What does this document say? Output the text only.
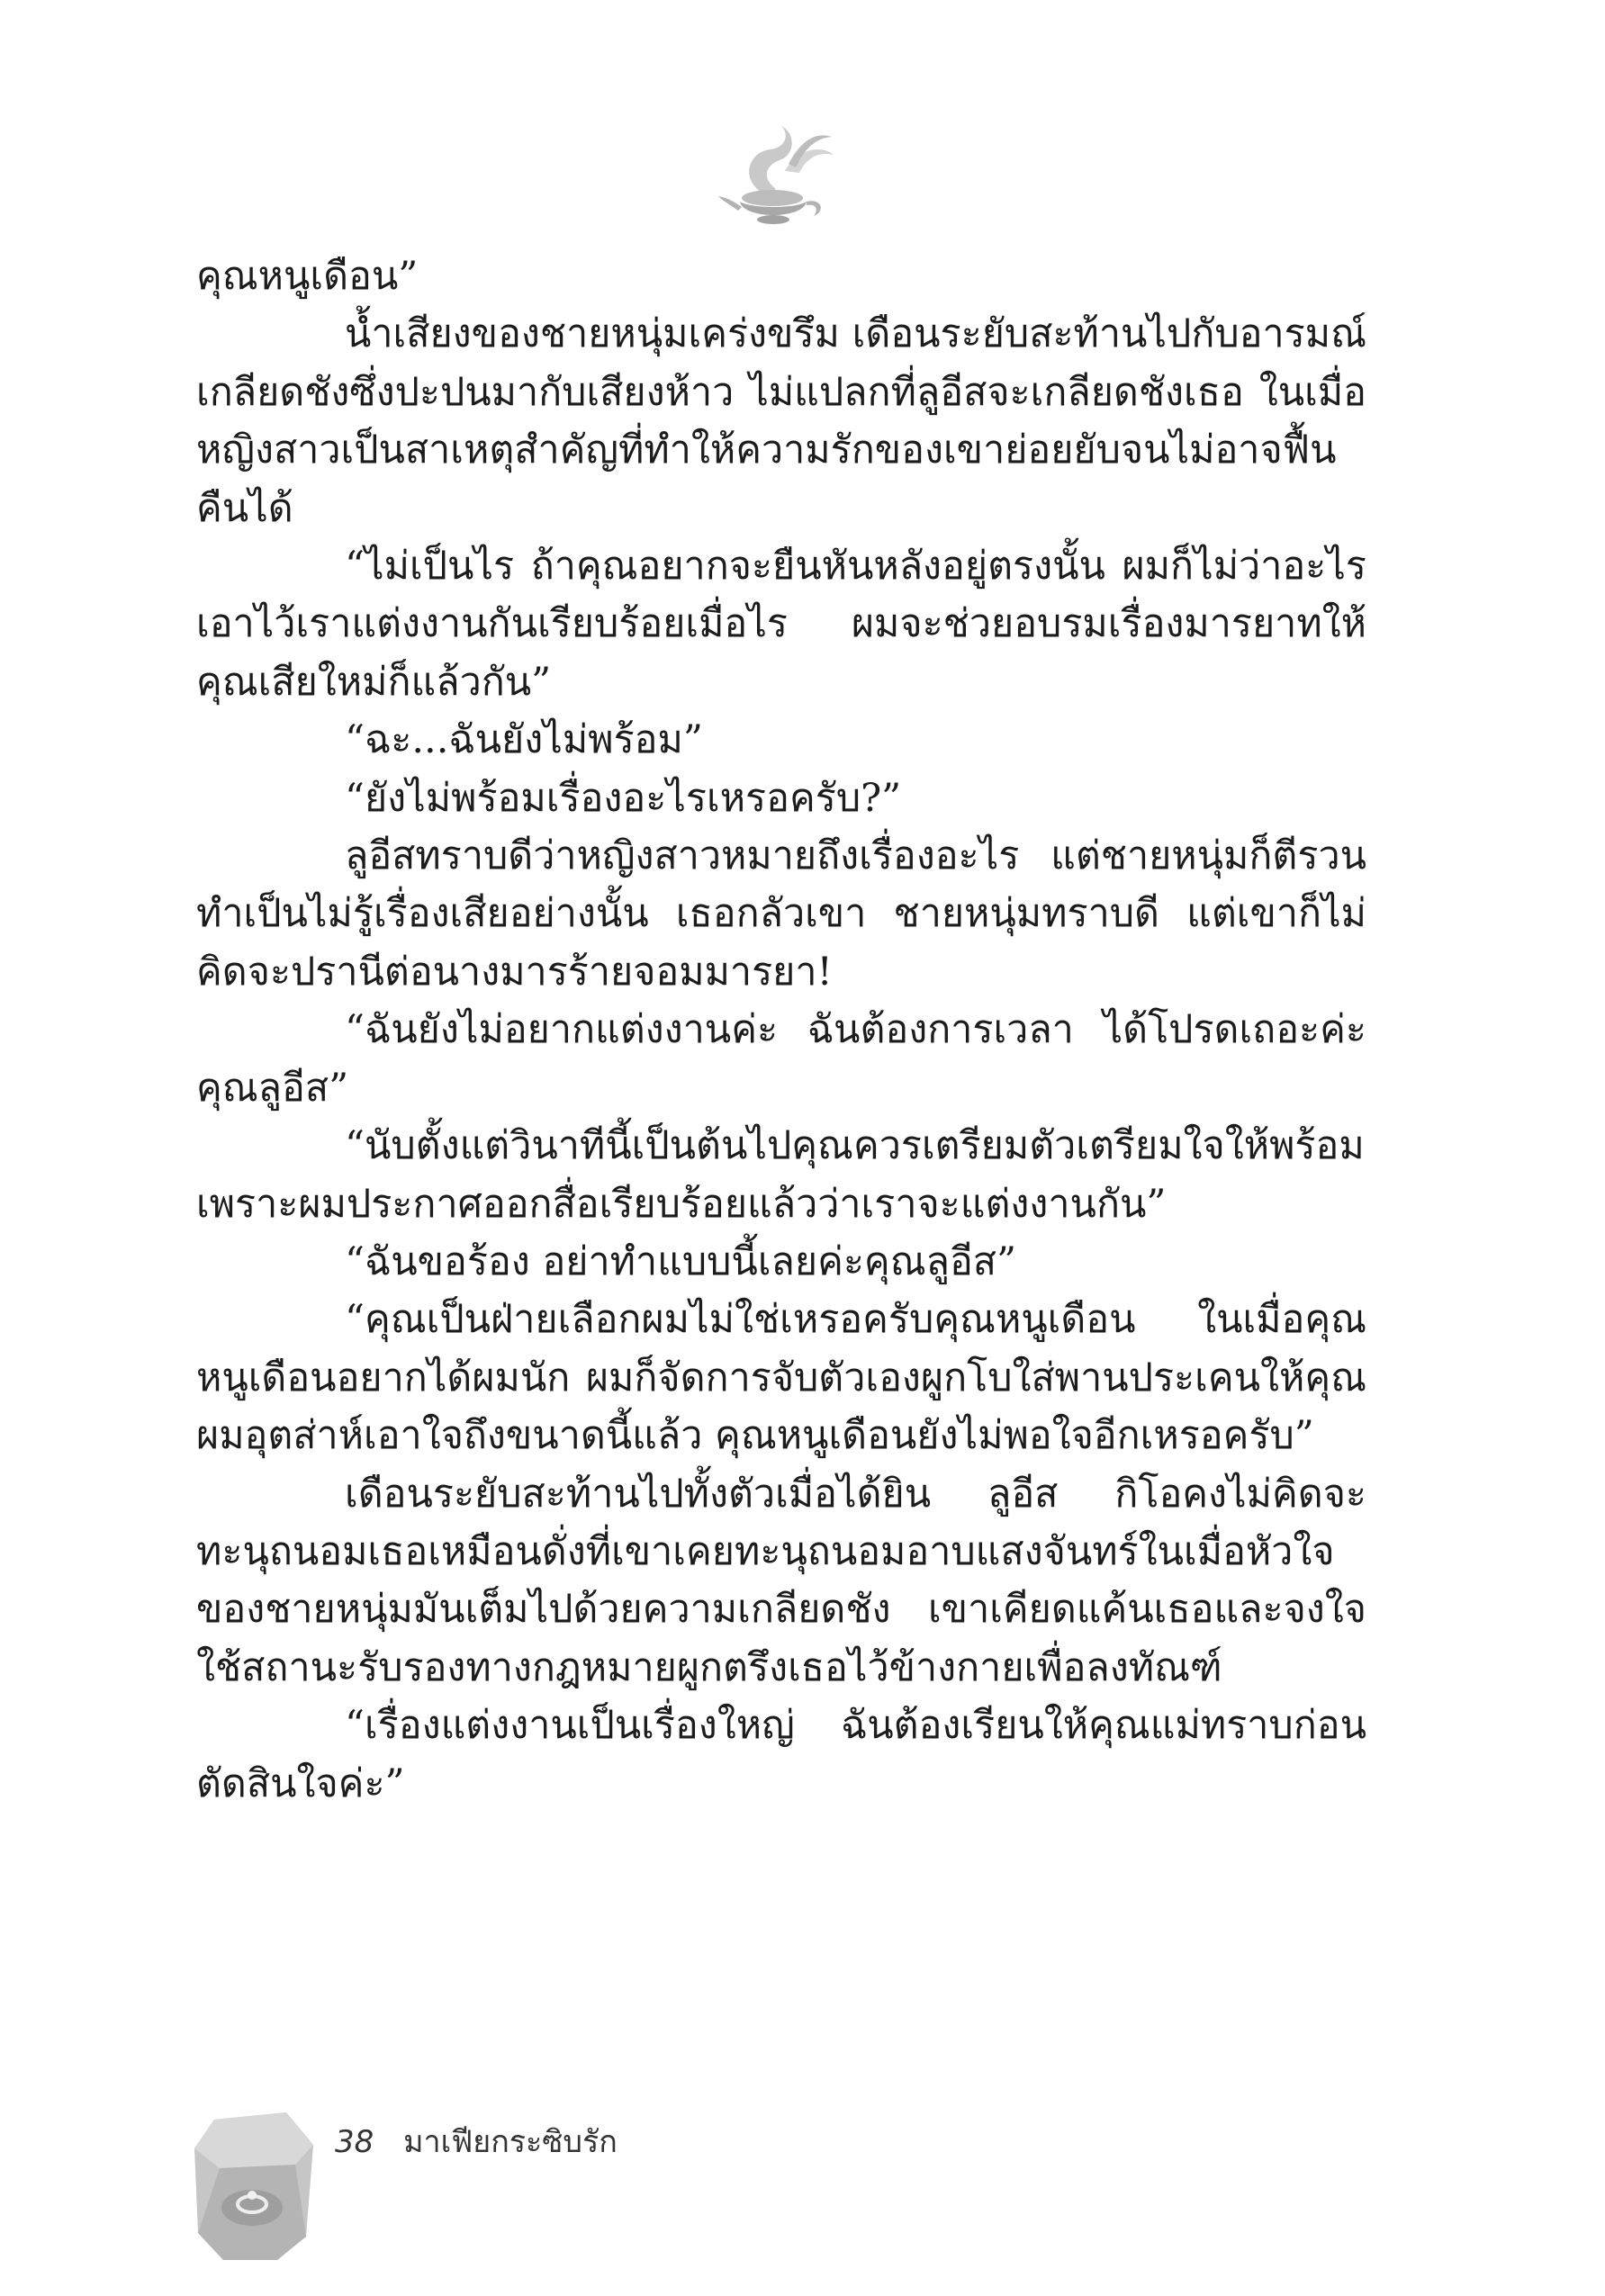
คุณหนูเดือน”

น้ำเสียงของชายหนุ่มเคร่งขรึม เดือนระยับสะท้านไปกับอารมณ์เกลียดชังซึ่งปะปนมากับเสียงห้าว ไม่แปลกที่ลูอีสจะเกลียดชังเธอ ในเมื่อหญิงสาวเป็นสาเหตุสำคัญที่ทำให้ความรักของเขาย่อยยับจนไม่อาจฟื้นคืนได้

“ไม่เป็นไร ถ้าคุณอยากจะยืนหันหลังอยู่ตรงนั้น ผมก็ไม่ว่าอะไร เอาไว้เราแต่งงานกันเรียบร้อยเมื่อไร ผมจะช่วยอบรมเรื่องมารยาทให้คุณเสียใหม่ก็แล้วกัน”

“ฉะ...ฉันยังไม่พร้อม”

“ยังไม่พร้อมเรื่องอะไรเหรอครับ?”

ลูอีสทราบดีว่าหญิงสาวหมายถึงเรื่องอะไร แต่ชายหนุ่มก็ตีรวนทำเป็นไม่รู้เรื่องเสียอย่างนั้น เธอกลัวเขา ชายหนุ่มทราบดี แต่เขาก็ไม่คิดจะปรานีต่อนางมารร้ายจอมมารยา!

“ฉันยังไม่อยากแต่งงานค่ะ ฉันต้องการเวลา ได้โปรดเถอะค่ะคุณลูอีส”

“นับตั้งแต่วินาทีนี้เป็นต้นไปคุณควรเตรียมตัวเตรียมใจให้พร้อม เพราะผมประกาศออกสื่อเรียบร้อยแล้วว่าเราจะแต่งงานกัน”

“ฉันขอร้อง อย่าทำแบบนี้เลยค่ะคุณลูอีส”

“คุณเป็นฝ่ายเลือกผมไม่ใช่เหรอครับคุณหนูเดือน ในเมื่อคุณหนูเดือนอยากได้ผมนัก ผมก็จัดการจับตัวเองผูกโบใส่พานประเคนให้คุณ ผมอุตส่าห์เอาใจถึงขนาดนี้แล้ว คุณหนูเดือนยังไม่พอใจอีกเหรอครับ”

เดือนระยับสะท้านไปทั้งตัวเมื่อได้ยิน ลูอีส กิโอคงไม่คิดจะทะนุถนอมเธอเหมือนดั่งที่เขาเคยทะนุถนอมอาบแสงจันทร์ในเมื่อหัวใจของชายหนุ่มมันเต็มไปด้วยความเกลียดชัง เขาเคียดแค้นเธอและจงใจใช้สถานะรับรองทางกฎหมายผูกตรึงเธอไว้ข้างกายเพื่อลงทัณฑ์

“เรื่องแต่งงานเป็นเรื่องใหญ่ ฉันต้องเรียนให้คุณแม่ทราบก่อนตัดสินใจค่ะ”

38 มาเฟียกระซิบรัก
